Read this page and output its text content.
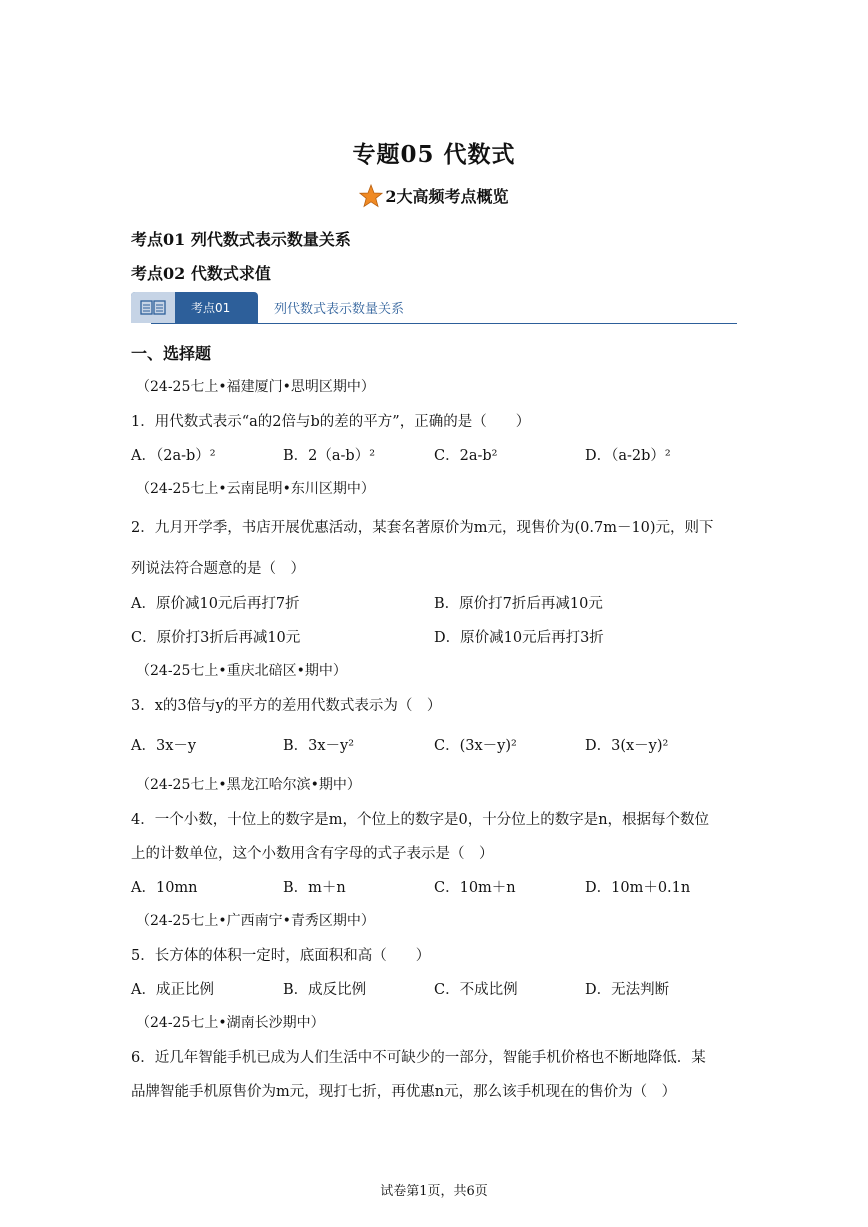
专题05 代数式
2大高频考点概览
考点01 列代数式表示数量关系
考点02 代数式求值
考点01	列代数式表示数量关系
一、选择题
（24-25七上•福建厦门•思明区期中）
1．用代数式表示“a的2倍与b的差的平方”，正确的是（　　）
A．（2a-b）²	B．2（a-b）²	C．2a-b²	D．（a-2b）²
（24-25七上•云南昆明•东川区期中）
2．九月开学季，书店开展优惠活动，某套名著原价为m元，现售价为(0.7m－10)元，则下
列说法符合题意的是（　）
A．原价减10元后再打7折	B．原价打7折后再减10元
C．原价打3折后再减10元	D．原价减10元后再打3折
（24-25七上•重庆北碚区•期中）
3．x的3倍与y的平方的差用代数式表示为（　）
A．3x－y	B．3x－y²	C．(3x－y)²	D．3(x－y)²
（24-25七上•黑龙江哈尔滨•期中）
4．一个小数，十位上的数字是m，个位上的数字是0，十分位上的数字是n，根据每个数位
上的计数单位，这个小数用含有字母的式子表示是（　）
A．10mn	B．m＋n	C．10m＋n	D．10m＋0.1n
（24-25七上•广西南宁•青秀区期中）
5．长方体的体积一定时，底面积和高（　　）
A．成正比例	B．成反比例	C．不成比例	D．无法判断
（24-25七上•湖南长沙期中）
6．近几年智能手机已成为人们生活中不可缺少的一部分，智能手机价格也不断地降低．某
品牌智能手机原售价为m元，现打七折，再优惠n元，那么该手机现在的售价为（　）
试卷第1页，共6页
